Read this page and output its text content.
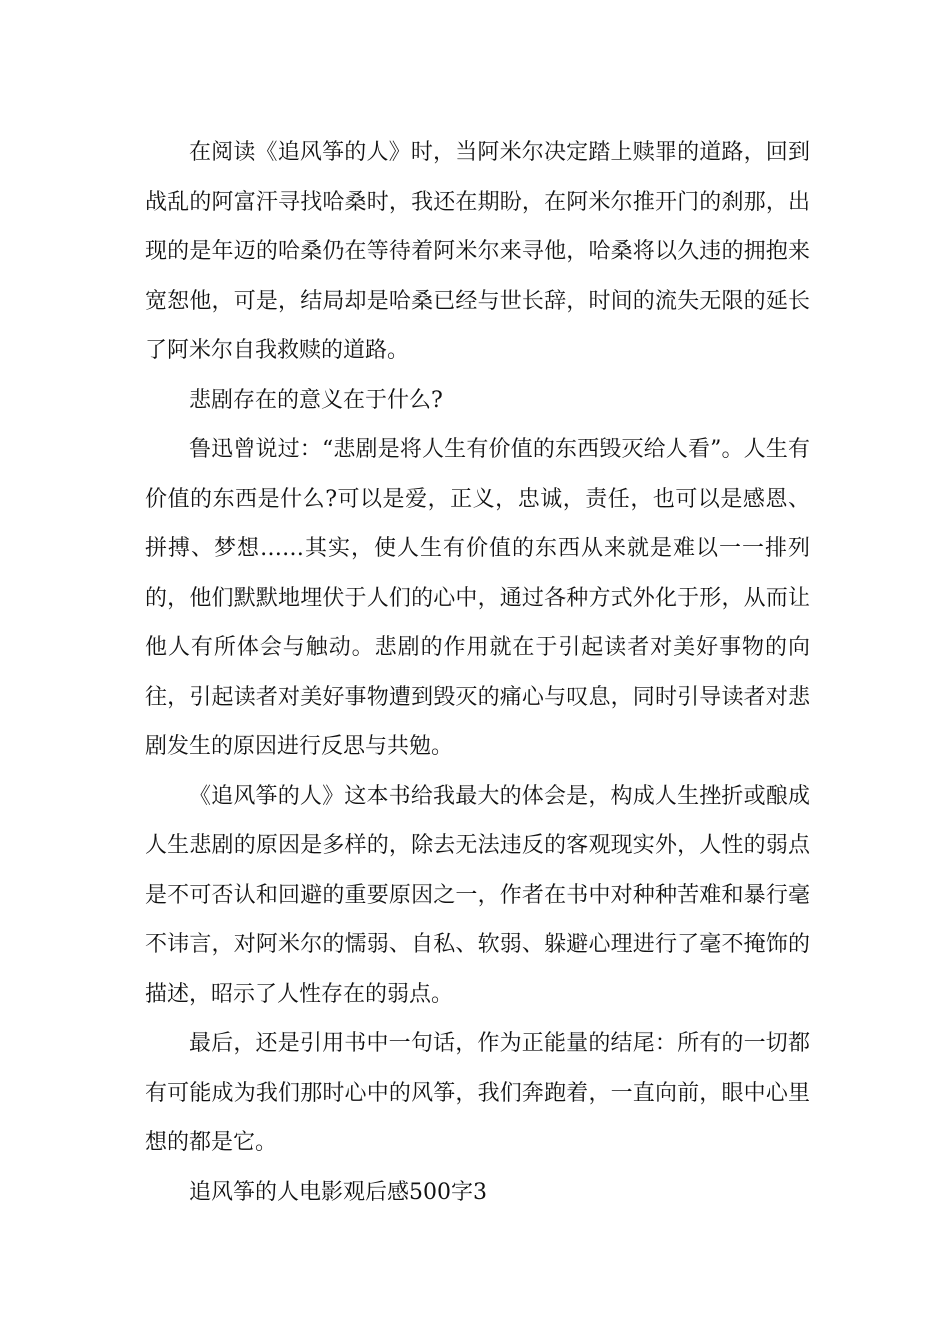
在阅读《追风筝的人》时，当阿米尔决定踏上赎罪的道路，回到战乱的阿富汗寻找哈桑时，我还在期盼，在阿米尔推开门的刹那，出现的是年迈的哈桑仍在等待着阿米尔来寻他，哈桑将以久违的拥抱来宽恕他，可是，结局却是哈桑已经与世长辞，时间的流失无限的延长了阿米尔自我救赎的道路。

悲剧存在的意义在于什么?

鲁迅曾说过：“悲剧是将人生有价值的东西毁灭给人看”。人生有价值的东西是什么?可以是爱，正义，忠诚，责任，也可以是感恩、拼搏、梦想……其实，使人生有价值的东西从来就是难以一一排列的，他们默默地埋伏于人们的心中，通过各种方式外化于形，从而让他人有所体会与触动。悲剧的作用就在于引起读者对美好事物的向往，引起读者对美好事物遭到毁灭的痛心与叹息，同时引导读者对悲剧发生的原因进行反思与共勉。

《追风筝的人》这本书给我最大的体会是，构成人生挫折或酿成人生悲剧的原因是多样的，除去无法违反的客观现实外，人性的弱点是不可否认和回避的重要原因之一，作者在书中对种种苦难和暴行毫不讳言，对阿米尔的懦弱、自私、软弱、躲避心理进行了毫不掩饰的描述，昭示了人性存在的弱点。

最后，还是引用书中一句话，作为正能量的结尾：所有的一切都有可能成为我们那时心中的风筝，我们奔跑着，一直向前，眼中心里想的都是它。

追风筝的人电影观后感500字3
